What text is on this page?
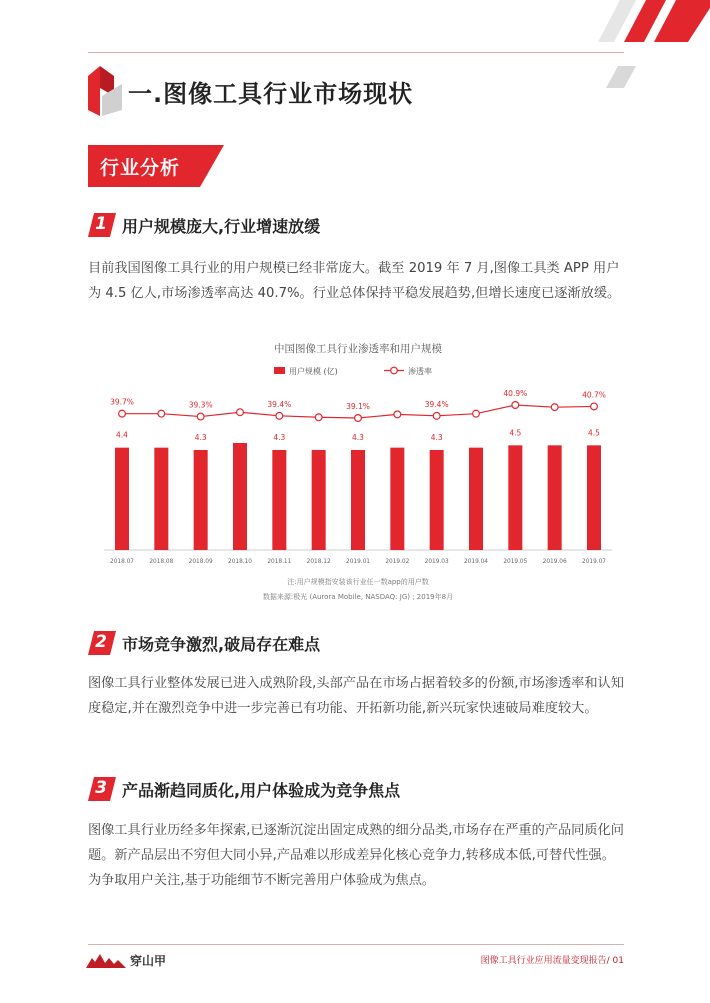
一.图像工具行业市场现状
行业分析
1 用户规模庞大,行业增速放缓
目前我国图像工具行业的用户规模已经非常庞大。截至 2019 年 7 月,图像工具类 APP 用户为 4.5 亿人,市场渗透率高达 40.7%。行业总体保持平稳发展趋势,但增长速度已逐渐放缓。
中国图像工具行业渗透率和用户规模
用户规模 (亿)	渗透率
4.4	4.3	4.3	4.3	4.3
4.5	4.5
39.7%	39.3%	39.4%	39.1%	39.4%
40.9%	40.7%
2018.07	2018.08	2018.09	2018.10	2018.11	2018.12	2019.01	2019.02	2019.03	2019.04	2019.05	2019.06	2019.07
注:用户规模指安装该行业任一数app的用户数
数据来源:极光 (Aurora Mobile, NASDAQ: JG) ; 2019年8月
2 市场竞争激烈,破局存在难点
图像工具行业整体发展已进入成熟阶段,头部产品在市场占据着较多的份额,市场渗透率和认知度稳定,并在激烈竞争中进一步完善已有功能、开拓新功能,新兴玩家快速破局难度较大。
3 产品渐趋同质化,用户体验成为竞争焦点
图像工具行业历经多年探索,已逐渐沉淀出固定成熟的细分品类,市场存在严重的产品同质化问题。新产品层出不穷但大同小异,产品难以形成差异化核心竞争力,转移成本低,可替代性强。为争取用户关注,基于功能细节不断完善用户体验成为焦点。
穿山甲	图像工具行业应用流量变现报告/ 01
